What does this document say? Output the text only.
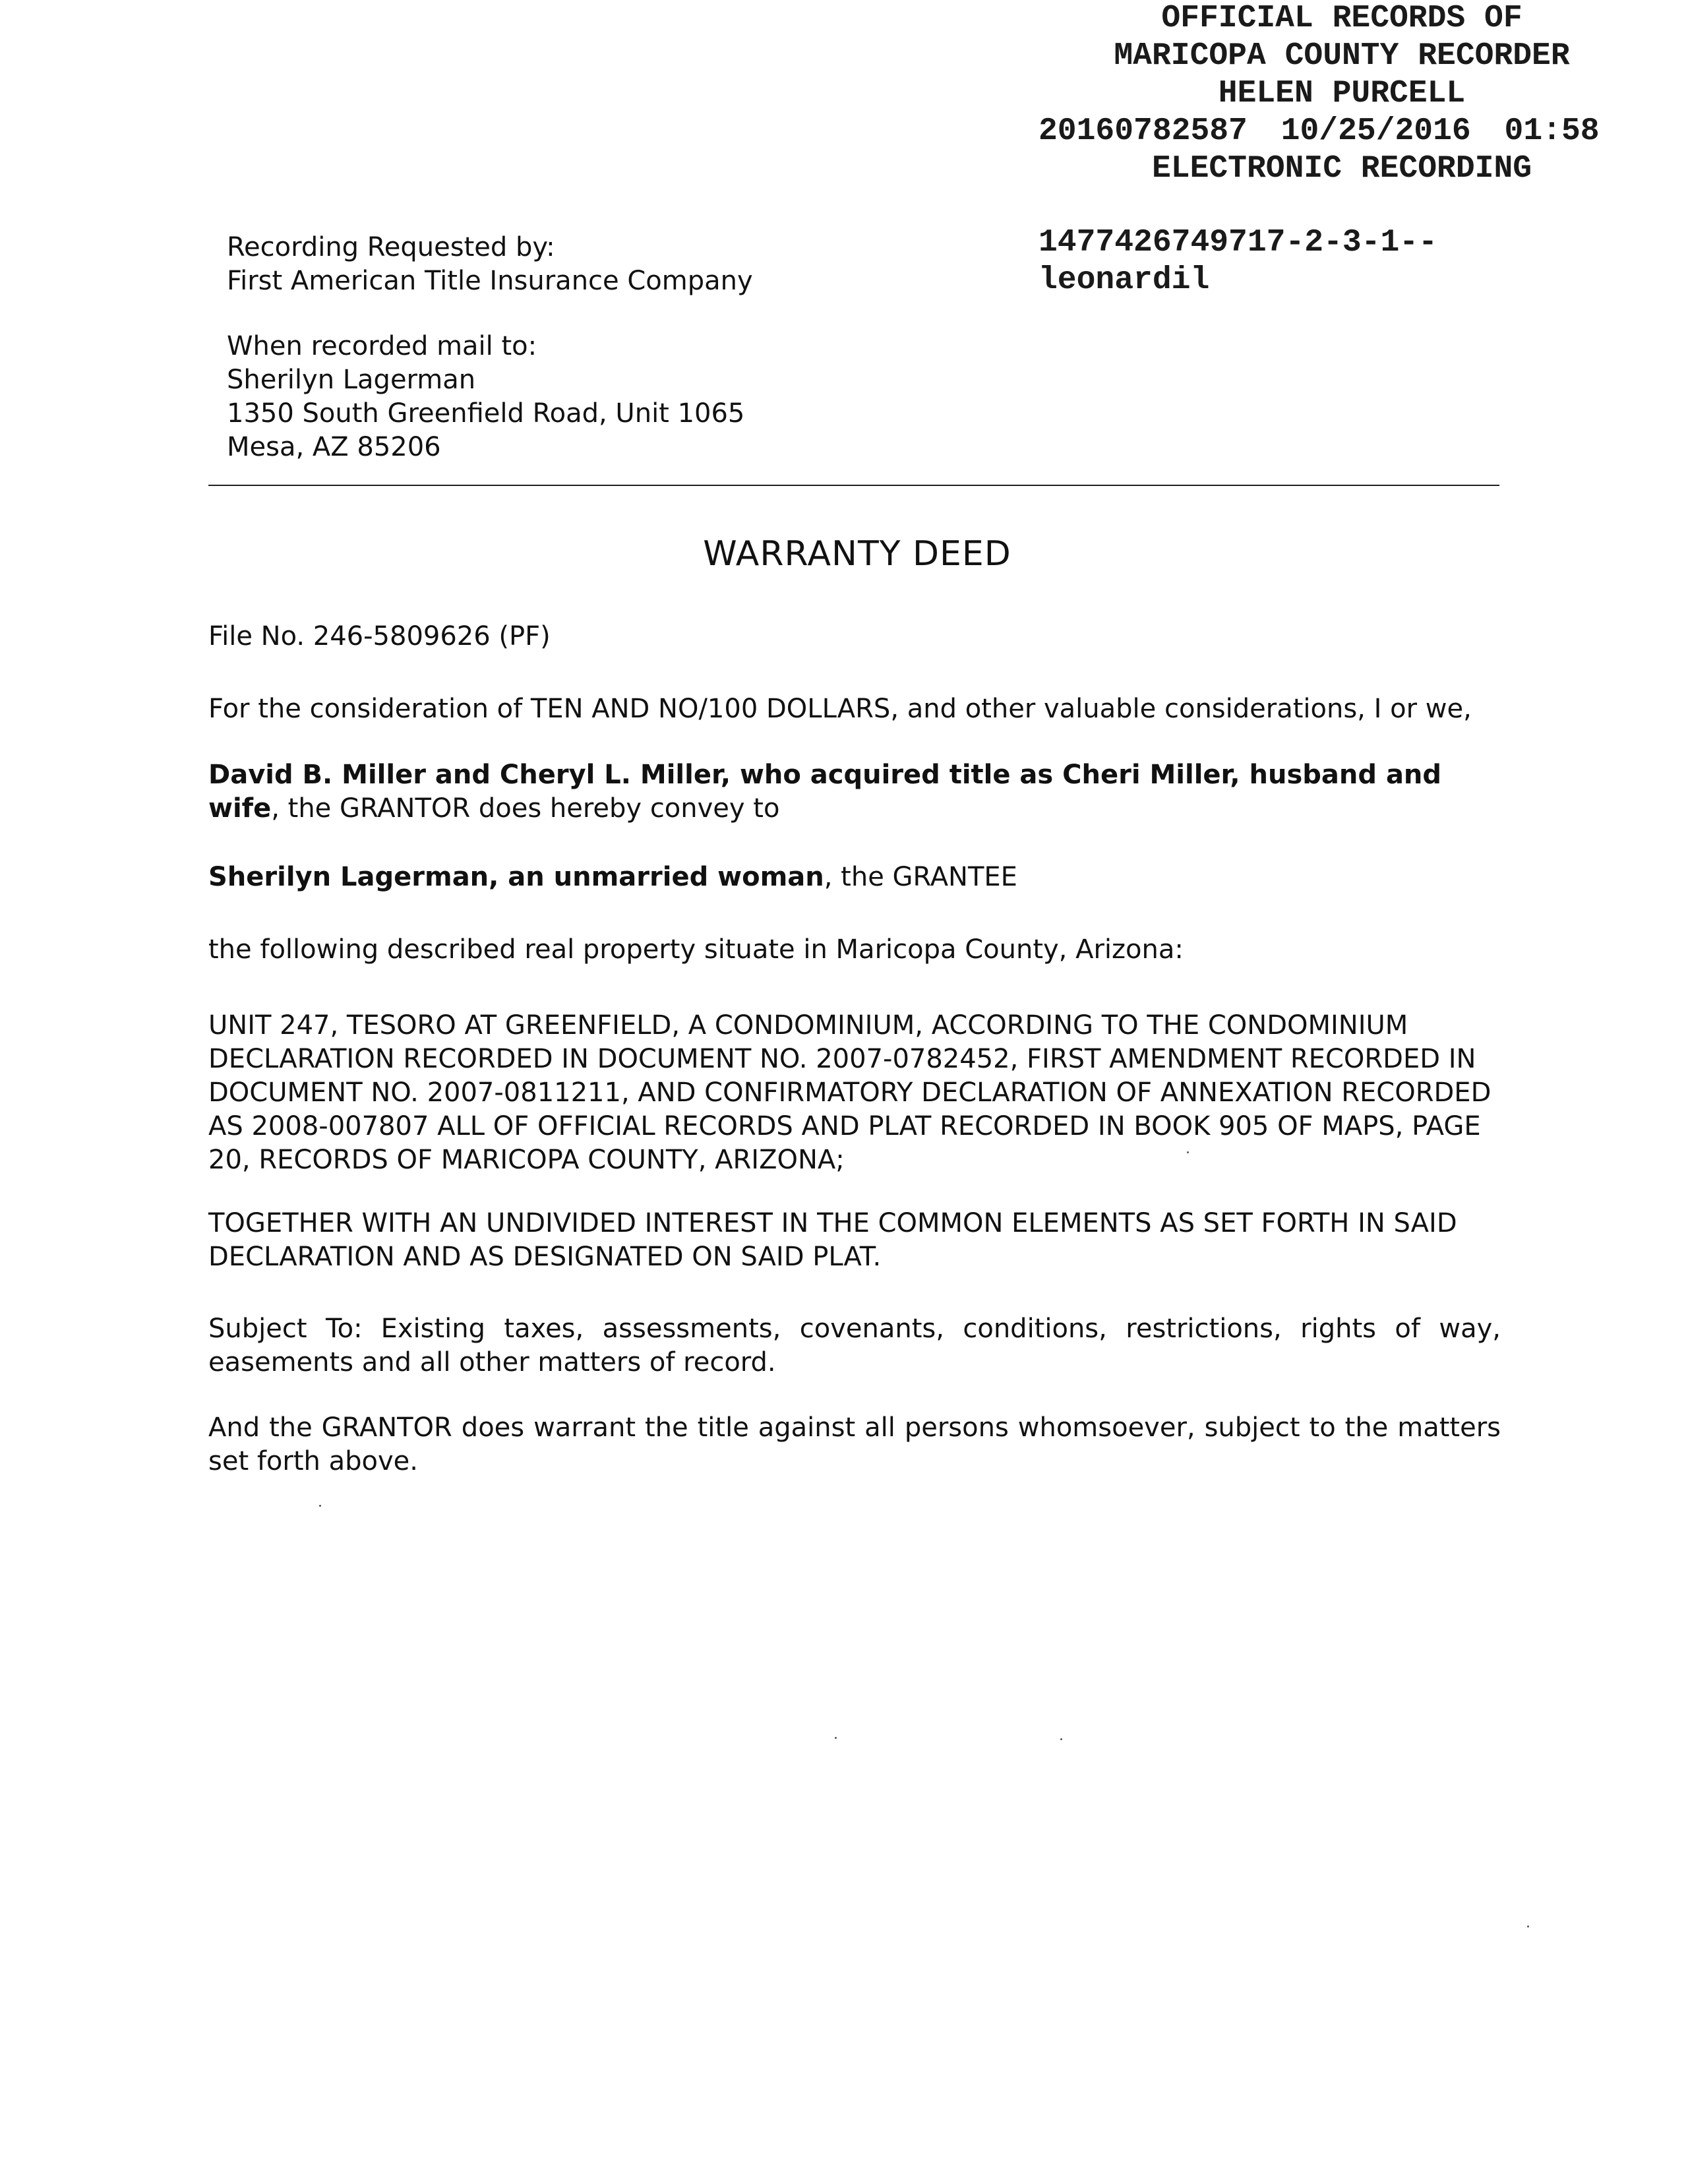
OFFICIAL RECORDS OF
MARICOPA COUNTY RECORDER
HELEN PURCELL
20160782587 10/25/2016 01:58
ELECTRONIC RECORDING
1477426749717-2-3-1--
leonardil
Recording Requested by:
First American Title Insurance Company
When recorded mail to:
Sherilyn Lagerman
1350 South Greenfield Road, Unit 1065
Mesa, AZ 85206
WARRANTY DEED
File No. 246-5809626 (PF)
For the consideration of TEN AND NO/100 DOLLARS, and other valuable considerations, I or we,
David B. Miller and Cheryl L. Miller, who acquired title as Cheri Miller, husband and wife, the GRANTOR does hereby convey to
Sherilyn Lagerman, an unmarried woman, the GRANTEE
the following described real property situate in Maricopa County, Arizona:
UNIT 247, TESORO AT GREENFIELD, A CONDOMINIUM, ACCORDING TO THE CONDOMINIUM DECLARATION RECORDED IN DOCUMENT NO. 2007-0782452, FIRST AMENDMENT RECORDED IN DOCUMENT NO. 2007-0811211, AND CONFIRMATORY DECLARATION OF ANNEXATION RECORDED AS 2008-007807 ALL OF OFFICIAL RECORDS AND PLAT RECORDED IN BOOK 905 OF MAPS, PAGE 20, RECORDS OF MARICOPA COUNTY, ARIZONA;
TOGETHER WITH AN UNDIVIDED INTEREST IN THE COMMON ELEMENTS AS SET FORTH IN SAID DECLARATION AND AS DESIGNATED ON SAID PLAT.
Subject To: Existing taxes, assessments, covenants, conditions, restrictions, rights of way, easements and all other matters of record.
And the GRANTOR does warrant the title against all persons whomsoever, subject to the matters set forth above.
